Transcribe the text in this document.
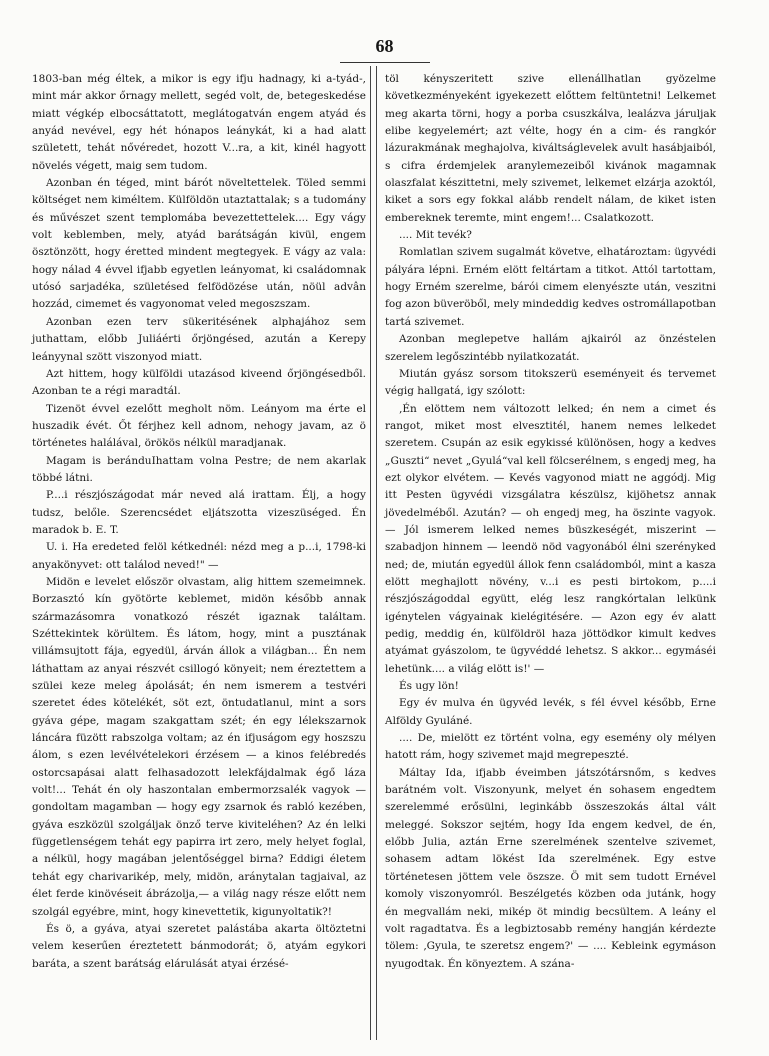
68

1803-ban még éltek, a mikor is egy ifju hadnagy, ki a-tyád-, mint már akkor őrnagy mellett, segéd volt, de, betegeskedése miatt végkép elbocsáttatott, meglátogatván engem atyád és anyád nevével, egy hét hónapos leánykát, ki a had alatt született, tehát nővéredet, hozott V...ra, a kit, kinél hagyott növelés végett, maig sem tudom.

Azonban én téged, mint bárót növeltettelek. Töled semmi költséget nem kiméltem. Külföldön utaztattalak; s a tudomány és művészet szent templomába bevezettettelek.... Egy vágy volt keblemben, mely, atyád barátságán kivül, engem ösztönzött, hogy éretted mindent megtegyek. E vágy az vala: hogy nálad 4 évvel ifjabb egyetlen leányomat, ki családomnak utósó sarjadéka, születésed felfödözése után, nöül advân hozzád, cimemet és vagyonomat veled megoszszam.

Azonban ezen terv sükeritésének alphajához sem juthattam, előbb Juliáérti őrjöngésed, azután a Kerepy leányynal szött viszonyod miatt.

Azt hittem, hogy külföldi utazásod kiveend őrjöngésedből. Azonban te a régi maradtál.

Tizenöt évvel ezelőtt megholt nöm. Leányom ma érte el huszadik évét. Őt férjhez kell adnom, nehogy javam, az ö történetes halálával, örökös nélkül maradjanak.

Magam is beránduIhattam volna Pestre; de nem akarlak többé látni.

P....i részjószágodat már neved alá irattam. Élj, a hogy tudsz, belőle. Szerencsédet eljátszotta vizeszüséged. Én maradok b. E. T.

U. i. Ha eredeted felöl kétkednél: nézd meg a p...i, 1798-ki anyakönyvet: ott találod neved!" —

Midön e levelet először olvastam, alig hittem szemeimnek. Borzasztó kín gyötörte keblemet, midön később annak származásomra vonatkozó részét igaznak találtam. Széttekintek körültem. És látom, hogy, mint a pusztának villámsujtott fája, egyedül, árván állok a világban... Én nem láthattam az anyai részvét csillogó könyeit; nem éreztettem a szülei keze meleg ápolását; én nem ismerem a testvéri szeretet édes kötelékét, söt ezt, öntudatlanul, mint a sors gyáva gépe, magam szakgattam szét; én egy lélekszarnok láncára füzött rabszolga voltam; az én ifjuságom egy hoszszu álom, s ezen levélvételekori érzésem — a kinos felébredés ostorcsapásai alatt felhasadozott lelekfájdalmak égő láza volt!... Tehát én oly haszontalan embermorzsalék vagyok — gondoltam magamban — hogy egy zsarnok és rabló kezében, gyáva eszközül szolgáljak önző terve kiviteléhen? Az én lelki függetlenségem tehát egy papirra irt zero, mely helyet foglal, a nélkül, hogy magában jelentőséggel birna? Eddigi életem tehát egy charivarikép, mely, midön, aránytalan tagjaival, az élet ferde kinövéseit ábrázolja,— a világ nagy része előtt nem szolgál egyébre, mint, hogy kinevettetik, kigunyoltatik?!

És ö, a gyáva, atyai szeretet palástába akarta öltöztetni velem keserűen éreztetett bánmodorát; ö, atyám egykori baráta, a szent barátság elárulását atyai érzésé-

töl kényszeritett szive ellenállhatlan gyözelme következményeként igyekezett előttem feltüntetni! Lelkemet meg akarta törni, hogy a porba csuszkálva, lealázva járuljak elibe kegyelemért; azt vélte, hogy én a cim- és rangkór lázurakmának meghajolva, kiváltságlevelek avult hasábjaiból, s cifra érdemjelek aranylemezeiből kivánok magamnak olaszfalat készittetni, mely szivemet, lelkemet elzárja azoktól, kiket a sors egy fokkal alább rendelt nálam, de kiket isten embereknek teremte, mint engem!... Csalatkozott.

.... Mit tevék?

Romlatlan szivem sugalmát követve, elhatároztam: ügyvédi pályára lépni. Erném elött feltártam a titkot. Attól tartottam, hogy Erném szerelme, bárói cimem elenyészte után, veszitni fog azon büveröből, mely mindeddig kedves ostromállapotban tartá szivemet.

Azonban meglepetve hallám ajkairól az önzéstelen szerelem legőszintébb nyilatkozatát.

Miután gyász sorsom titokszerü eseményeit és tervemet végig hallgatá, igy szólott:

‚Én elöttem nem változott lelked; én nem a cimet és rangot, miket most elvesztitél, hanem nemes lelkedet szeretem. Csupán az esik egykissé különösen, hogy a kedves „Guszti“ nevet „Gyulá“val kell fölcserélnem, s engedj meg, ha ezt olykor elvétem. — Kevés vagyonod miatt ne aggódj. Mig itt Pesten ügyvédi vizsgálatra készülsz, kijöhetsz annak jövedelméből. Azután? — oh engedj meg, ha öszinte vagyok. — Jól ismerem lelked nemes büszkeségét, miszerint — szabadjon hinnem — leendö nöd vagyonából élni szerényked ned; de, miután egyedül állok fenn családomból, mint a kasza elött meghajlott növény, v...i es pesti birtokom, p....i részjószágoddal együtt, elég lesz rangkórtalan lelkünk igénytelen vágyainak kielégitésére. — Azon egy év alatt pedig, meddig én, külföldröl haza jöttödkor kimult kedves atyámat gyászolom, te ügyvéddé lehetsz. S akkor... egymáséi lehetünk.... a világ elött is!' —

És ugy lön!

Egy év mulva én ügyvéd levék, s fél évvel később, Erne Alföldy Gyuláné.

.... De, mielött ez történt volna, egy esemény oly mélyen hatott rám, hogy szivemet majd megrepeszté.

Máltay Ida, ifjabb éveimben játszótársnőm, s kedves barátném volt. Viszonyunk, melyet én sohasem engedtem szerelemmé erősülni, leginkább összeszokás által vált meleggé. Sokszor sejtém, hogy Ida engem kedvel, de én, előbb Julia, aztán Erne szerelmének szentelve szivemet, sohasem adtam lökést Ida szerelmének. Egy estve történetesen jöttem vele öszsze. Ö mit sem tudott Ernével komoly viszonyomról. Beszélgetés közben oda jutánk, hogy én megvallám neki, mikép öt mindig becsültem. A leány el volt ragadtatva. És a legbiztosabb remény hangján kérdezte tölem: ‚Gyula, te szeretsz engem?' — .... Kebleink egymáson nyugodtak. Én könyeztem. A szána-
